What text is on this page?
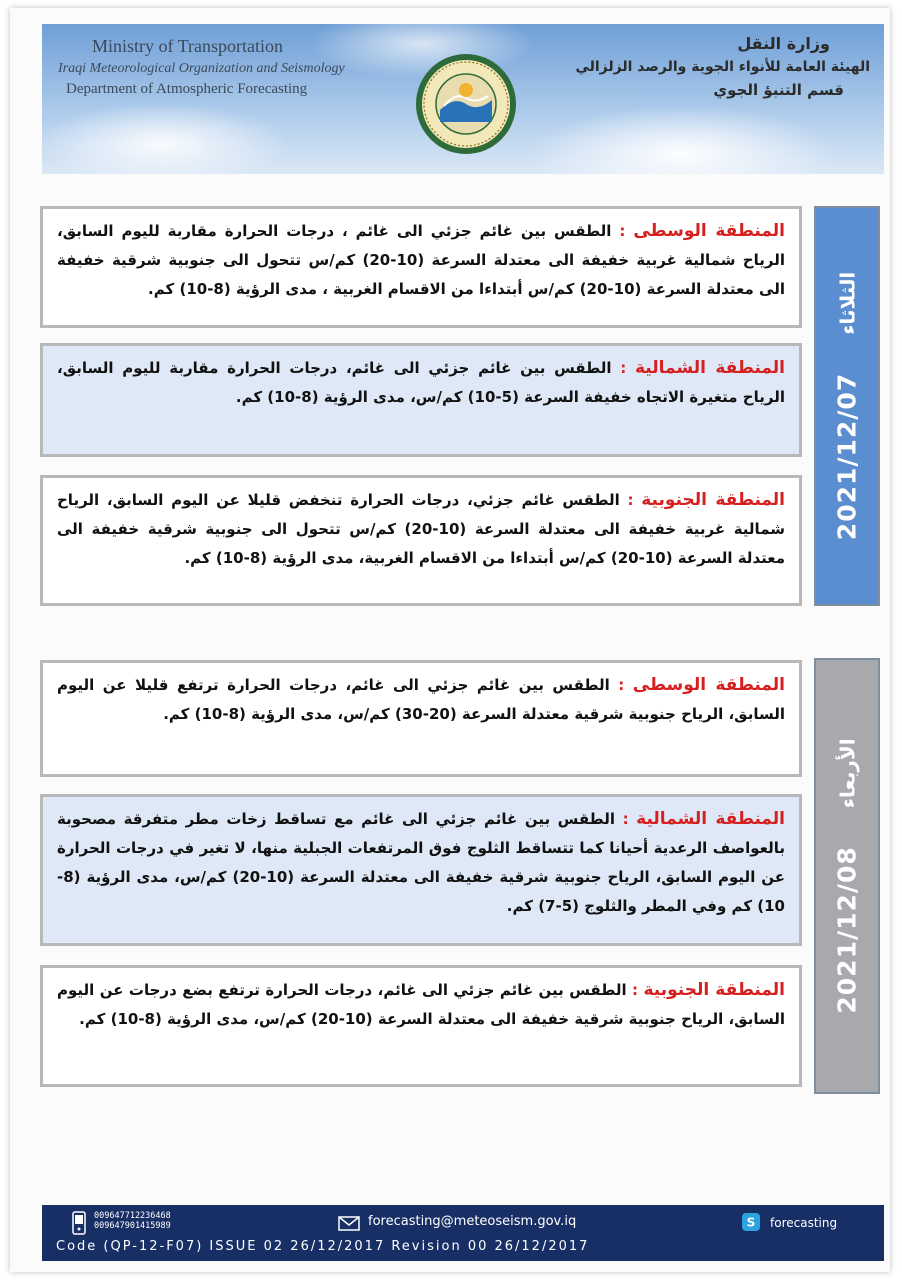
Ministry of Transportation
Iraqi Meteorological Organization and Seismology
Department of Atmospheric Forecasting
وزارة النقل
الهيئة العامة للأنواء الجوية والرصد الزلزالي
قسم التنبؤ الجوي
2021/12/07
الثلاثاء
المنطقة الوسطى : الطقس بين غائم جزئي الى غائم ، درجات الحرارة مقاربة لليوم السابق، الرياح شمالية غربية خفيفة الى معتدلة السرعة (10-20) كم/س تتحول الى جنوبية شرقية خفيفة الى معتدلة السرعة (10-20) كم/س أبتداءا من الاقسام الغربية ، مدى الرؤية (8-10) كم.
المنطقة الشمالية : الطقس بين غائم جزئي الى غائم، درجات الحرارة مقاربة لليوم السابق، الرياح متغيرة الاتجاه خفيفة السرعة (5-10) كم/س، مدى الرؤية (8-10) كم.
المنطقة الجنوبية : الطقس غائم جزئي، درجات الحرارة تنخفض قليلا عن اليوم السابق، الرياح شمالية غربية خفيفة الى معتدلة السرعة (10-20) كم/س تتحول الى جنوبية شرقية خفيفة الى معتدلة السرعة (10-20) كم/س أبتداءا من الاقسام الغربية، مدى الرؤية (8-10) كم.
2021/12/08
الأربعاء
المنطقة الوسطى : الطقس بين غائم جزئي الى غائم، درجات الحرارة ترتفع قليلا عن اليوم السابق، الرياح جنوبية شرقية معتدلة السرعة (20-30) كم/س، مدى الرؤية (8-10) كم.
المنطقة الشمالية : الطقس بين غائم جزئي الى غائم مع تساقط زخات مطر متفرقة مصحوبة بالعواصف الرعدية أحيانا كما تتساقط الثلوج فوق المرتفعات الجبلية منها، لا تغير في درجات الحرارة عن اليوم السابق، الرياح جنوبية شرقية خفيفة الى معتدلة السرعة (10-20) كم/س، مدى الرؤية (8-10) كم وفي المطر والثلوج (5-7) كم.
المنطقة الجنوبية : الطقس بين غائم جزئي الى غائم، درجات الحرارة ترتفع بضع درجات عن اليوم السابق، الرياح جنوبية شرقية خفيفة الى معتدلة السرعة (10-20) كم/س، مدى الرؤية (8-10) كم.
009647712236468
009647901415989	forecasting@meteoseism.gov.iq	S forecasting
Code (QP-12-F07) ISSUE 02 26/12/2017 Revision 00 26/12/2017
